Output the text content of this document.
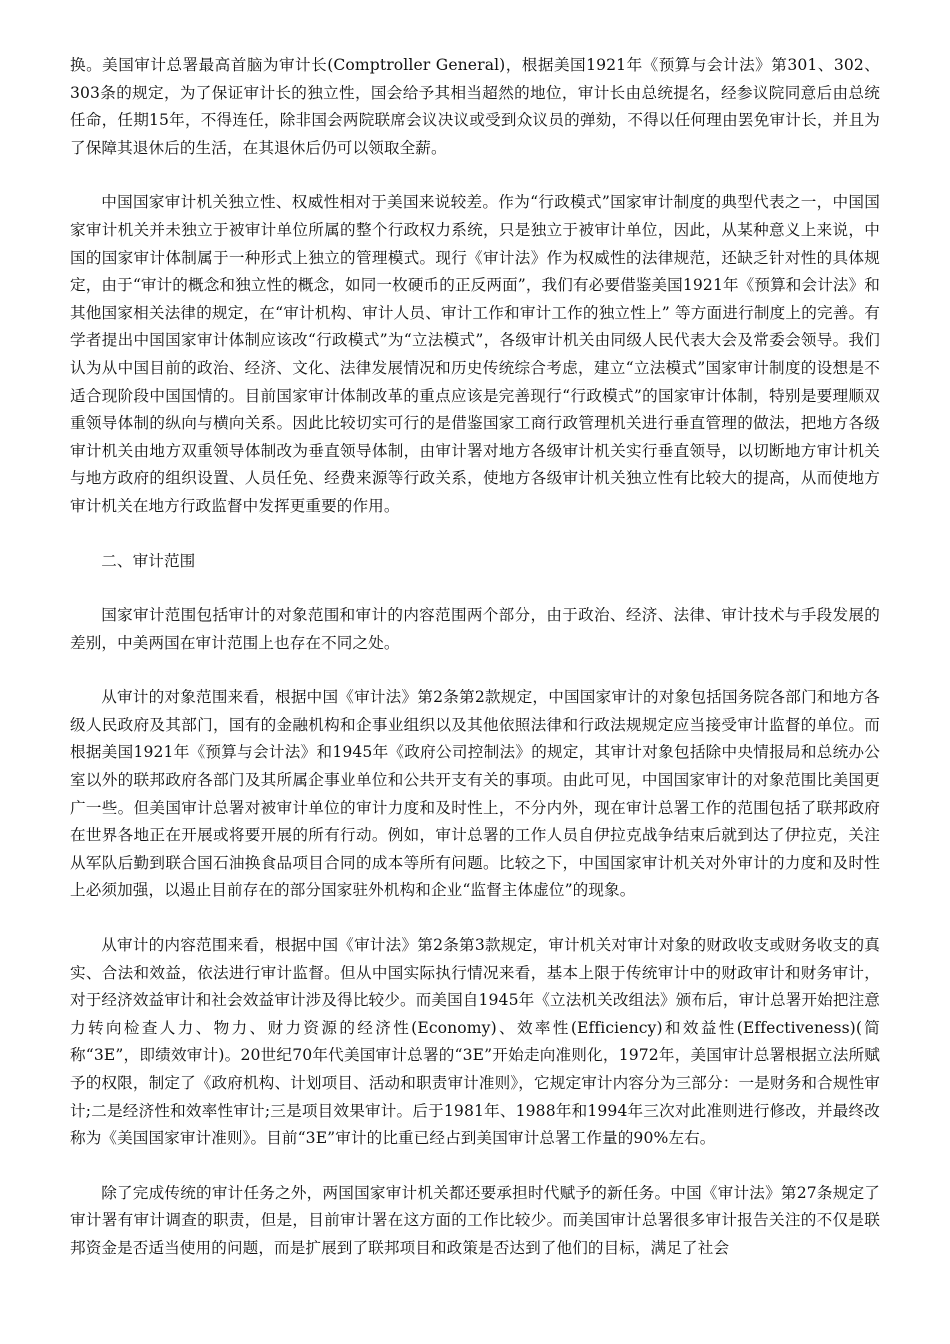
换。美国审计总署最高首脑为审计长(Comptroller General)，根据美国1921年《预算与会计法》第301、302、303条的规定，为了保证审计长的独立性，国会给予其相当超然的地位，审计长由总统提名，经参议院同意后由总统任命，任期15年，不得连任，除非国会两院联席会议决议或受到众议员的弹劾，不得以任何理由罢免审计长，并且为了保障其退休后的生活，在其退休后仍可以领取全薪。

中国国家审计机关独立性、权威性相对于美国来说较差。作为“行政模式”国家审计制度的典型代表之一，中国国家审计机关并未独立于被审计单位所属的整个行政权力系统，只是独立于被审计单位，因此，从某种意义上来说，中国的国家审计体制属于一种形式上独立的管理模式。现行《审计法》作为权威性的法律规范，还缺乏针对性的具体规定，由于“审计的概念和独立性的概念，如同一枚硬币的正反两面”，我们有必要借鉴美国1921年《预算和会计法》和其他国家相关法律的规定，在“审计机构、审计人员、审计工作和审计工作的独立性上” 等方面进行制度上的完善。有学者提出中国国家审计体制应该改“行政模式”为“立法模式”，各级审计机关由同级人民代表大会及常委会领导。我们认为从中国目前的政治、经济、文化、法律发展情况和历史传统综合考虑，建立“立法模式”国家审计制度的设想是不适合现阶段中国国情的。目前国家审计体制改革的重点应该是完善现行“行政模式”的国家审计体制，特别是要理顺双重领导体制的纵向与横向关系。因此比较切实可行的是借鉴国家工商行政管理机关进行垂直管理的做法，把地方各级审计机关由地方双重领导体制改为垂直领导体制，由审计署对地方各级审计机关实行垂直领导，以切断地方审计机关与地方政府的组织设置、人员任免、经费来源等行政关系，使地方各级审计机关独立性有比较大的提高，从而使地方审计机关在地方行政监督中发挥更重要的作用。

二、审计范围

国家审计范围包括审计的对象范围和审计的内容范围两个部分，由于政治、经济、法律、审计技术与手段发展的差别，中美两国在审计范围上也存在不同之处。

从审计的对象范围来看，根据中国《审计法》第2条第2款规定，中国国家审计的对象包括国务院各部门和地方各级人民政府及其部门，国有的金融机构和企事业组织以及其他依照法律和行政法规规定应当接受审计监督的单位。而根据美国1921年《预算与会计法》和1945年《政府公司控制法》的规定，其审计对象包括除中央情报局和总统办公室以外的联邦政府各部门及其所属企事业单位和公共开支有关的事项。由此可见，中国国家审计的对象范围比美国更广一些。但美国审计总署对被审计单位的审计力度和及时性上，不分内外，现在审计总署工作的范围包括了联邦政府在世界各地正在开展或将要开展的所有行动。例如，审计总署的工作人员自伊拉克战争结束后就到达了伊拉克，关注从军队后勤到联合国石油换食品项目合同的成本等所有问题。比较之下，中国国家审计机关对外审计的力度和及时性上必须加强，以遏止目前存在的部分国家驻外机构和企业“监督主体虚位”的现象。

从审计的内容范围来看，根据中国《审计法》第2条第3款规定，审计机关对审计对象的财政收支或财务收支的真实、合法和效益，依法进行审计监督。但从中国实际执行情况来看，基本上限于传统审计中的财政审计和财务审计，对于经济效益审计和社会效益审计涉及得比较少。而美国自1945年《立法机关改组法》颁布后，审计总署开始把注意力转向检查人力、物力、财力资源的经济性(Economy)、效率性(Efficiency)和效益性(Effectiveness)(简称“3E”，即绩效审计)。20世纪70年代美国审计总署的“3E”开始走向准则化，1972年，美国审计总署根据立法所赋予的权限，制定了《政府机构、计划项目、活动和职责审计准则》，它规定审计内容分为三部分：一是财务和合规性审计;二是经济性和效率性审计;三是项目效果审计。后于1981年、1988年和1994年三次对此准则进行修改，并最终改称为《美国国家审计准则》。目前“3E”审计的比重已经占到美国审计总署工作量的90%左右。

除了完成传统的审计任务之外，两国国家审计机关都还要承担时代赋予的新任务。中国《审计法》第27条规定了审计署有审计调查的职责，但是，目前审计署在这方面的工作比较少。而美国审计总署很多审计报告关注的不仅是联邦资金是否适当使用的问题，而是扩展到了联邦项目和政策是否达到了他们的目标，满足了社会
